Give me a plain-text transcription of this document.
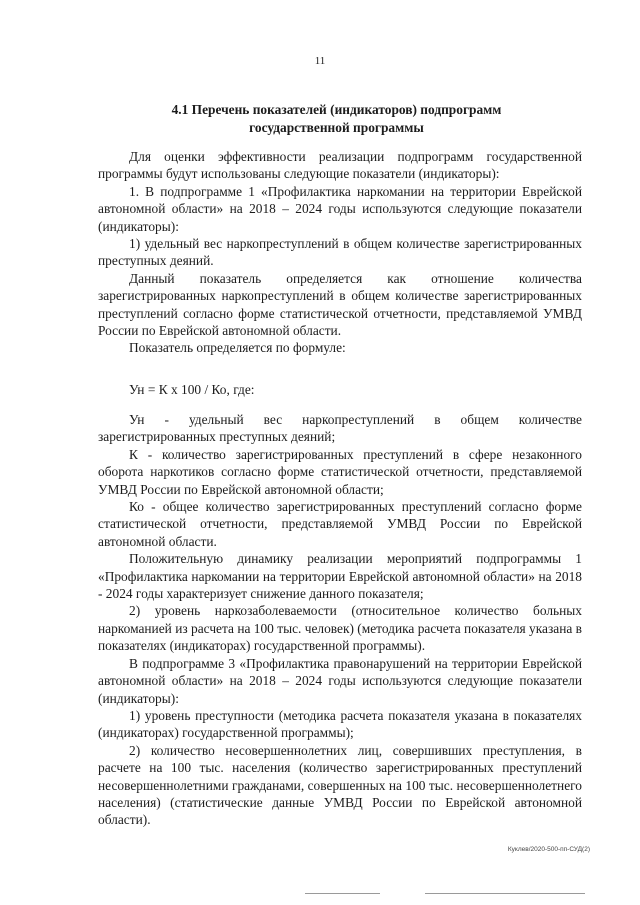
11
4.1 Перечень показателей (индикаторов) подпрограмм
государственной программы

Для оценки эффективности реализации подпрограмм государственной программы будут использованы следующие показатели (индикаторы):

1. В подпрограмме 1 «Профилактика наркомании на территории Еврейской автономной области» на 2018 – 2024 годы используются следующие показатели (индикаторы):

1) удельный вес наркопреступлений в общем количестве зарегистрированных преступных деяний.

Данный показатель определяется как отношение количества зарегистрированных наркопреступлений в общем количестве зарегистрированных преступлений согласно форме статистической отчетности, представляемой УМВД России по Еврейской автономной области.

Показатель определяется по формуле:

Ун = К х 100 / Ко, где:

Ун - удельный вес наркопреступлений в общем количестве зарегистрированных преступных деяний;

К - количество зарегистрированных преступлений в сфере незаконного оборота наркотиков согласно форме статистической отчетности, представляемой УМВД России по Еврейской автономной области;

Ко - общее количество зарегистрированных преступлений согласно форме статистической отчетности, представляемой УМВД России по Еврейской автономной области.

Положительную динамику реализации мероприятий подпрограммы 1 «Профилактика наркомании на территории Еврейской автономной области» на 2018 - 2024 годы характеризует снижение данного показателя;

2) уровень наркозаболеваемости (относительное количество больных наркоманией из расчета на 100 тыс. человек) (методика расчета показателя указана в показателях (индикаторах) государственной программы).

В подпрограмме 3 «Профилактика правонарушений на территории Еврейской автономной области» на 2018 – 2024 годы используются следующие показатели (индикаторы):

1) уровень преступности (методика расчета показателя указана в показателях (индикаторах) государственной программы);

2) количество несовершеннолетних лиц, совершивших преступления, в расчете на 100 тыс. населения (количество зарегистрированных преступлений несовершеннолетними гражданами, совершенных на 100 тыс. несовершеннолетнего населения) (статистические данные УМВД России по Еврейской автономной области).

Куклев/2020-500-пп-СУД(2)
